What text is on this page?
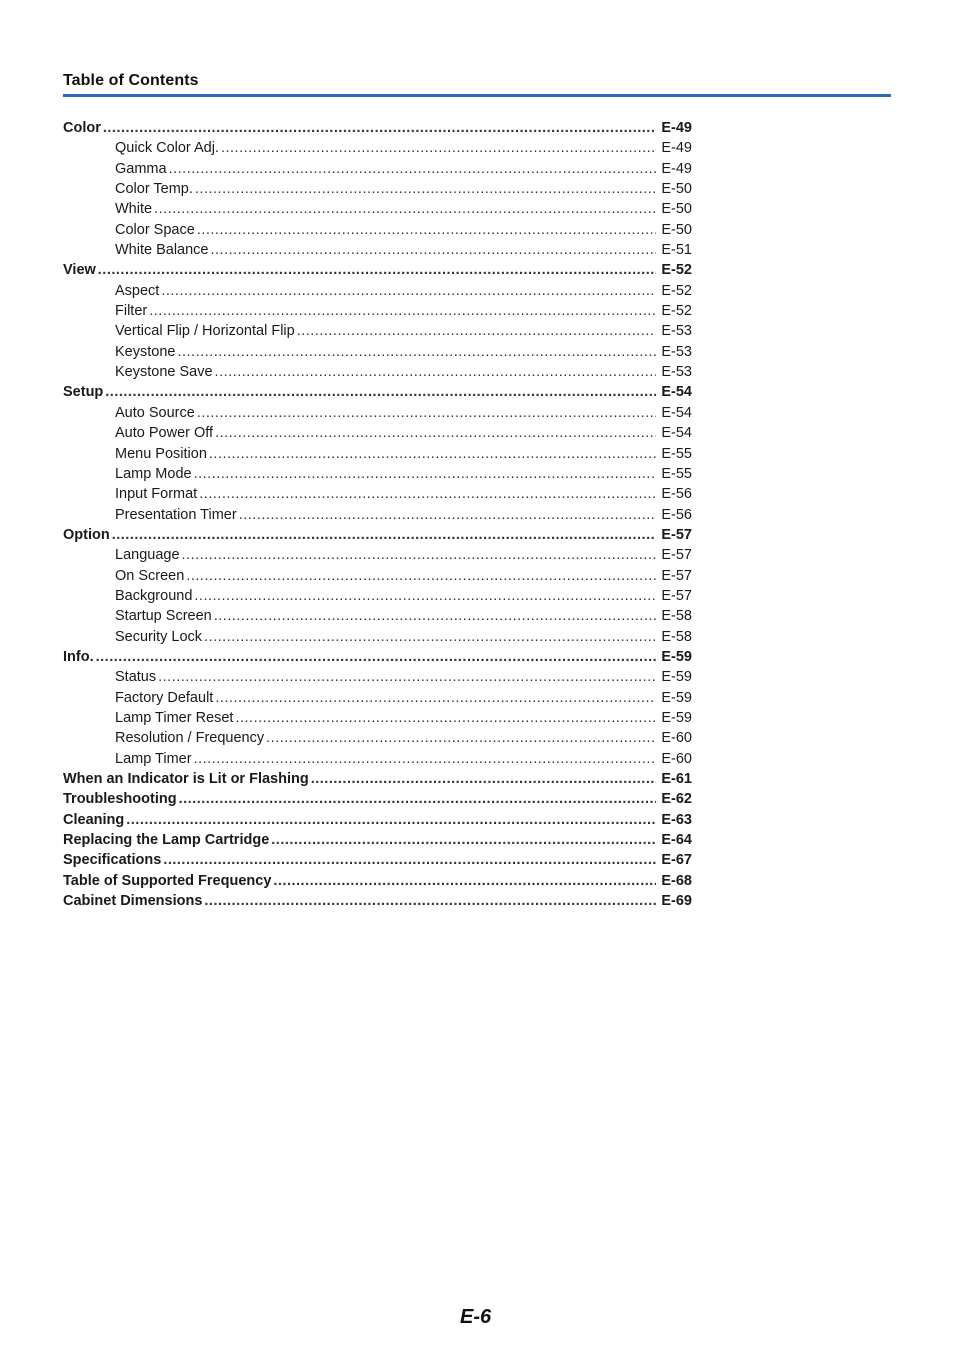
Table of Contents
Color .....	E-49
Quick Color Adj. .....	E-49
Gamma .....	E-49
Color Temp. .....	E-50
White .....	E-50
Color Space .....	E-50
White Balance .....	E-51
View .....	E-52
Aspect .....	E-52
Filter .....	E-52
Vertical Flip / Horizontal Flip .....	E-53
Keystone .....	E-53
Keystone Save .....	E-53
Setup .....	E-54
Auto Source .....	E-54
Auto Power Off .....	E-54
Menu Position .....	E-55
Lamp Mode .....	E-55
Input Format .....	E-56
Presentation Timer .....	E-56
Option .....	E-57
Language .....	E-57
On Screen .....	E-57
Background .....	E-57
Startup Screen .....	E-58
Security Lock .....	E-58
Info. .....	E-59
Status .....	E-59
Factory Default .....	E-59
Lamp Timer Reset .....	E-59
Resolution / Frequency .....	E-60
Lamp Timer .....	E-60
When an Indicator is Lit or Flashing .....	E-61
Troubleshooting .....	E-62
Cleaning .....	E-63
Replacing the Lamp Cartridge .....	E-64
Specifications .....	E-67
Table of Supported Frequency .....	E-68
Cabinet Dimensions .....	E-69
E-6
